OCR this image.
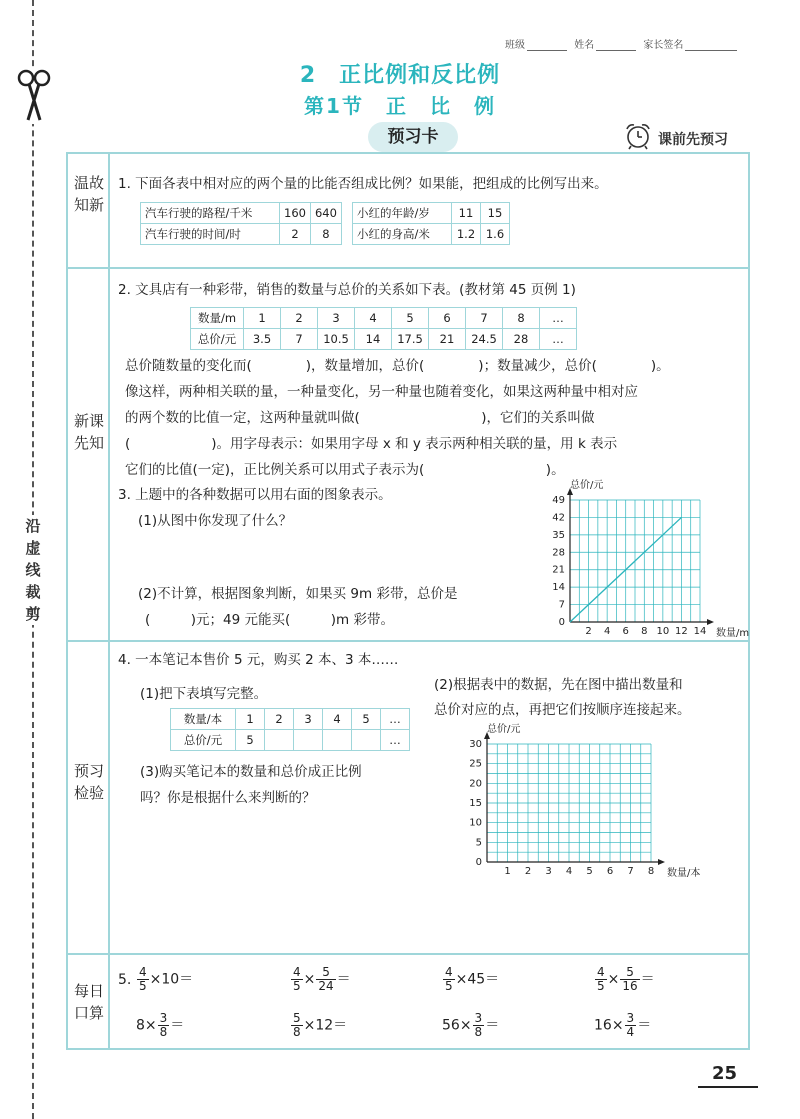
沿虚线裁剪
班级	姓名	家长签名
2　正比例和反比例
第1节　正　比　例
预习卡	课前先预习
温故知新
新课先知
预习检验
每日口算
1. 下面各表中相对应的两个量的比能否组成比例？如果能，把组成的比例写出来。
汽车行驶的路程/千米	160	640
汽车行驶的时间/时	2	8
小红的年龄/岁	11	15
小红的身高/米	1.2	1.6
2. 文具店有一种彩带，销售的数量与总价的关系如下表。(教材第 45 页例 1)
数量/m	1	2	3	4	5	6	7	8	…
总价/元	3.5	7	10.5	14	17.5	21	24.5	28	…
总价随数量的变化而(　　　　)，数量增加，总价(　　　　)；数量减少，总价(　　　　)。
像这样，两种相关联的量，一种量变化，另一种量也随着变化，如果这两种量中相对应
的两个数的比值一定，这两种量就叫做(　　　　　　　　　)，它们的关系叫做
(　　　　　　)。用字母表示：如果用字母 x 和 y 表示两种相关联的量，用 k 表示
它们的比值(一定)，正比例关系可以用式子表示为(　　　　　　　　　)。
3. 上题中的各种数据可以用右面的图象表示。
(1)从图中你发现了什么？
(2)不计算，根据图象判断，如果买 9m 彩带，总价是
(　　　)元；49 元能买(　　　)m 彩带。
2 4 6 8 10 12 14
0
7
14
21
28
35
42
49
数量/m
总价/元
4. 一本笔记本售价 5 元，购买 2 本、3 本……
(1)把下表填写完整。
数量/本	1	2	3	4	5	…
总价/元	5					…
(2)根据表中的数据，先在图中描出数量和
总价对应的点，再把它们按顺序连接起来。
(3)购买笔记本的数量和总价成正比例
吗？你是根据什么来判断的？
1 2 3 4 5 6 7 8
0
5
10
15
20
25
30
数量/本
总价/元
5. $\frac{4}{5} \times 10=$	$\frac{4}{5} \times \frac{5}{24}$ ＝	$\frac{4}{5} \times 45=$	$\frac{4}{5} \times \frac{5}{16}$ ＝
$8\times \frac{3}{8}$ ＝	$\frac{5}{8} \times 12=$	$56\times \frac{3}{8}$ ＝	$16\times \frac{3}{4}$ ＝
25
